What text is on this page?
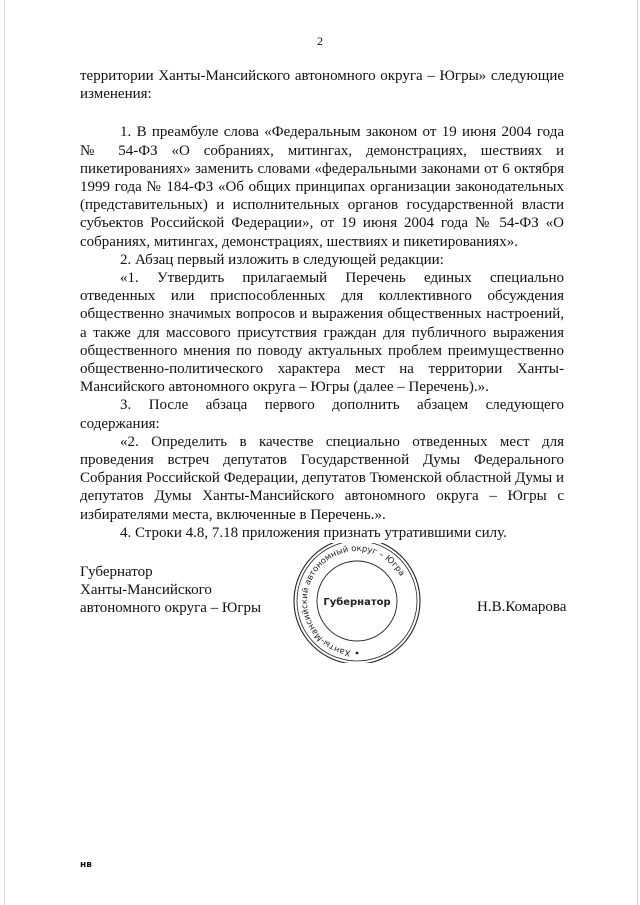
2

территории Ханты-Мансийского автономного округа – Югры» следующие изменения:

1. В преамбуле слова «Федеральным законом от 19 июня 2004 года № 54-ФЗ «О собраниях, митингах, демонстрациях, шествиях и пикетированиях» заменить словами «федеральными законами от 6 октября 1999 года № 184-ФЗ «Об общих принципах организации законодательных (представительных) и исполнительных органов государственной власти субъектов Российской Федерации», от 19 июня 2004 года № 54-ФЗ «О собраниях, митингах, демонстрациях, шествиях и пикетированиях».

2. Абзац первый изложить в следующей редакции:

«1. Утвердить прилагаемый Перечень единых специально отведенных или приспособленных для коллективного обсуждения общественно значимых вопросов и выражения общественных настроений, а также для массового присутствия граждан для публичного выражения общественного мнения по поводу актуальных проблем преимущественно общественно-политического характера мест на территории Ханты-Мансийского автономного округа – Югры (далее – Перечень).».

3. После абзаца первого дополнить абзацем следующего содержания:

«2. Определить в качестве специально отведенных мест для проведения встреч депутатов Государственной Думы Федерального Собрания Российской Федерации, депутатов Тюменской областной Думы и депутатов Думы Ханты-Мансийского автономного округа – Югры с избирателями места, включенные в Перечень.».

4. Строки 4.8, 7.18 приложения признать утратившими силу.

Губернатор
Ханты-Мансийского
автономного округа – Югры
Ханты-Мансийский автономный округ – Югра
Губернатор	Н.В.Комарова
нв
